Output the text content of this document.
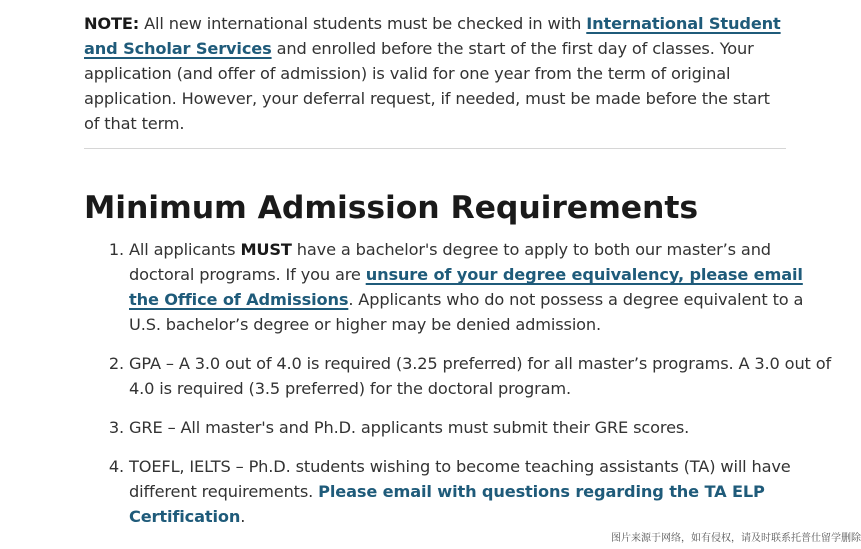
NOTE: All new international students must be checked in with International Student and Scholar Services and enrolled before the start of the first day of classes. Your application (and offer of admission) is valid for one year from the term of original application. However, your deferral request, if needed, must be made before the start of that term.

Minimum Admission Requirements
1. All applicants MUST have a bachelor's degree to apply to both our master’s and doctoral programs. If you are unsure of your degree equivalency, please email the Office of Admissions. Applicants who do not possess a degree equivalent to a U.S. bachelor’s degree or higher may be denied admission.
2. GPA – A 3.0 out of 4.0 is required (3.25 preferred) for all master’s programs. A 3.0 out of 4.0 is required (3.5 preferred) for the doctoral program.
3. GRE – All master's and Ph.D. applicants must submit their GRE scores.
4. TOEFL, IELTS – Ph.D. students wishing to become teaching assistants (TA) will have different requirements. Please email with questions regarding the TA ELP Certification.
图片来源于网络，如有侵权，请及时联系托普仕留学删除
